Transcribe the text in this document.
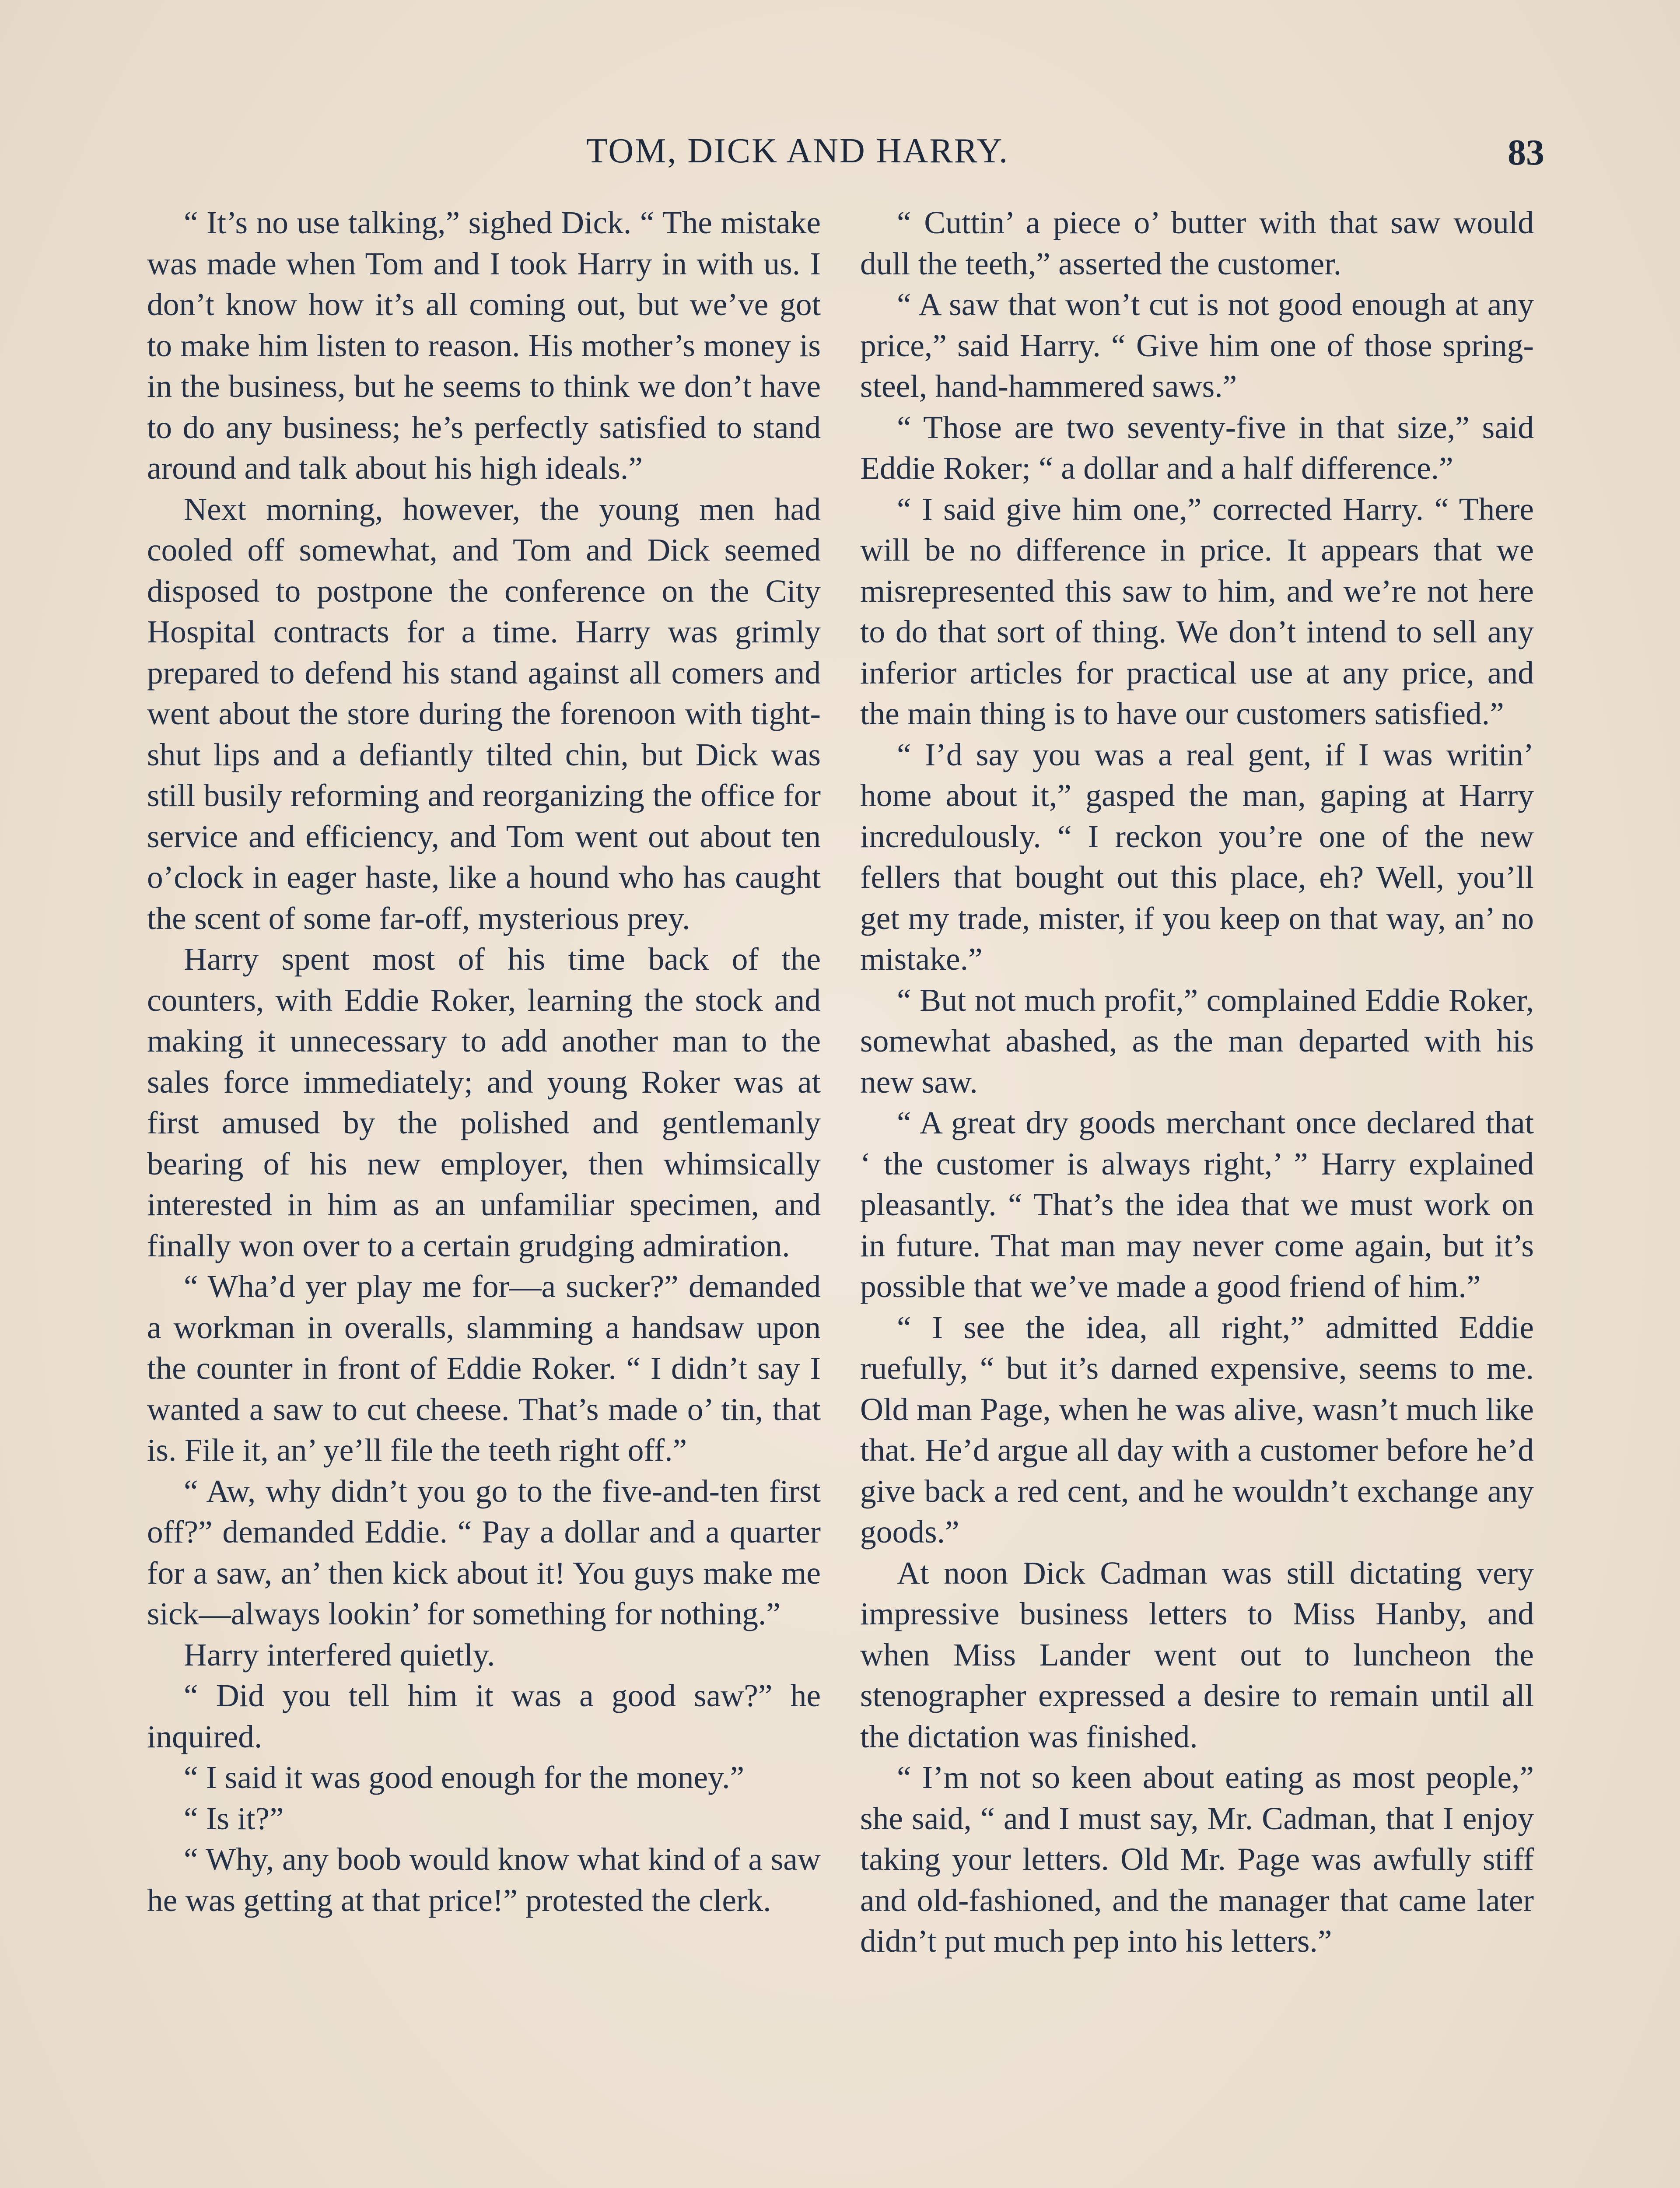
TOM, DICK AND HARRY.	83

“ It’s no use talking,” sighed Dick. “ The mistake was made when Tom and I took Harry in with us. I don’t know how it’s all coming out, but we’ve got to make him listen to reason. His mother’s money is in the business, but he seems to think we don’t have to do any business; he’s perfectly satisfied to stand around and talk about his high ideals.”

Next morning, however, the young men had cooled off somewhat, and Tom and Dick seemed disposed to postpone the conference on the City Hospital contracts for a time. Harry was grimly prepared to defend his stand against all comers and went about the store during the forenoon with tight-shut lips and a defiantly tilted chin, but Dick was still busily reforming and reorganizing the office for service and efficiency, and Tom went out about ten o’clock in eager haste, like a hound who has caught the scent of some far-off, mysterious prey.

Harry spent most of his time back of the counters, with Eddie Roker, learning the stock and making it unnecessary to add another man to the sales force immediately; and young Roker was at first amused by the polished and gentlemanly bearing of his new employer, then whimsically interested in him as an unfamiliar specimen, and finally won over to a certain grudging admiration.

“ Wha’d yer play me for—a sucker?” demanded a workman in overalls, slamming a handsaw upon the counter in front of Eddie Roker. “ I didn’t say I wanted a saw to cut cheese. That’s made o’ tin, that is. File it, an’ ye’ll file the teeth right off.”

“ Aw, why didn’t you go to the five-and-ten first off?” demanded Eddie. “ Pay a dollar and a quarter for a saw, an’ then kick about it! You guys make me sick—always lookin’ for something for nothing.”

Harry interfered quietly.

“ Did you tell him it was a good saw?” he inquired.

“ I said it was good enough for the money.”

“ Is it?”

“ Why, any boob would know what kind of a saw he was getting at that price!” protested the clerk.

“ Cuttin’ a piece o’ butter with that saw would dull the teeth,” asserted the customer.

“ A saw that won’t cut is not good enough at any price,” said Harry. “ Give him one of those spring-steel, hand-hammered saws.”

“ Those are two seventy-five in that size,” said Eddie Roker; “ a dollar and a half difference.”

“ I said give him one,” corrected Harry. “ There will be no difference in price. It appears that we misrepresented this saw to him, and we’re not here to do that sort of thing. We don’t intend to sell any inferior articles for practical use at any price, and the main thing is to have our customers satisfied.”

“ I’d say you was a real gent, if I was writin’ home about it,” gasped the man, gaping at Harry incredulously. “ I reckon you’re one of the new fellers that bought out this place, eh? Well, you’ll get my trade, mister, if you keep on that way, an’ no mistake.”

“ But not much profit,” complained Eddie Roker, somewhat abashed, as the man departed with his new saw.

“ A great dry goods merchant once declared that ‘ the customer is always right,’ ” Harry explained pleasantly. “ That’s the idea that we must work on in future. That man may never come again, but it’s possible that we’ve made a good friend of him.”

“ I see the idea, all right,” admitted Eddie ruefully, “ but it’s darned expensive, seems to me. Old man Page, when he was alive, wasn’t much like that. He’d argue all day with a customer before he’d give back a red cent, and he wouldn’t exchange any goods.”

At noon Dick Cadman was still dictating very impressive business letters to Miss Hanby, and when Miss Lander went out to luncheon the stenographer expressed a desire to remain until all the dictation was finished.

“ I’m not so keen about eating as most people,” she said, “ and I must say, Mr. Cadman, that I enjoy taking your letters. Old Mr. Page was awfully stiff and old-fashioned, and the manager that came later didn’t put much pep into his letters.”
